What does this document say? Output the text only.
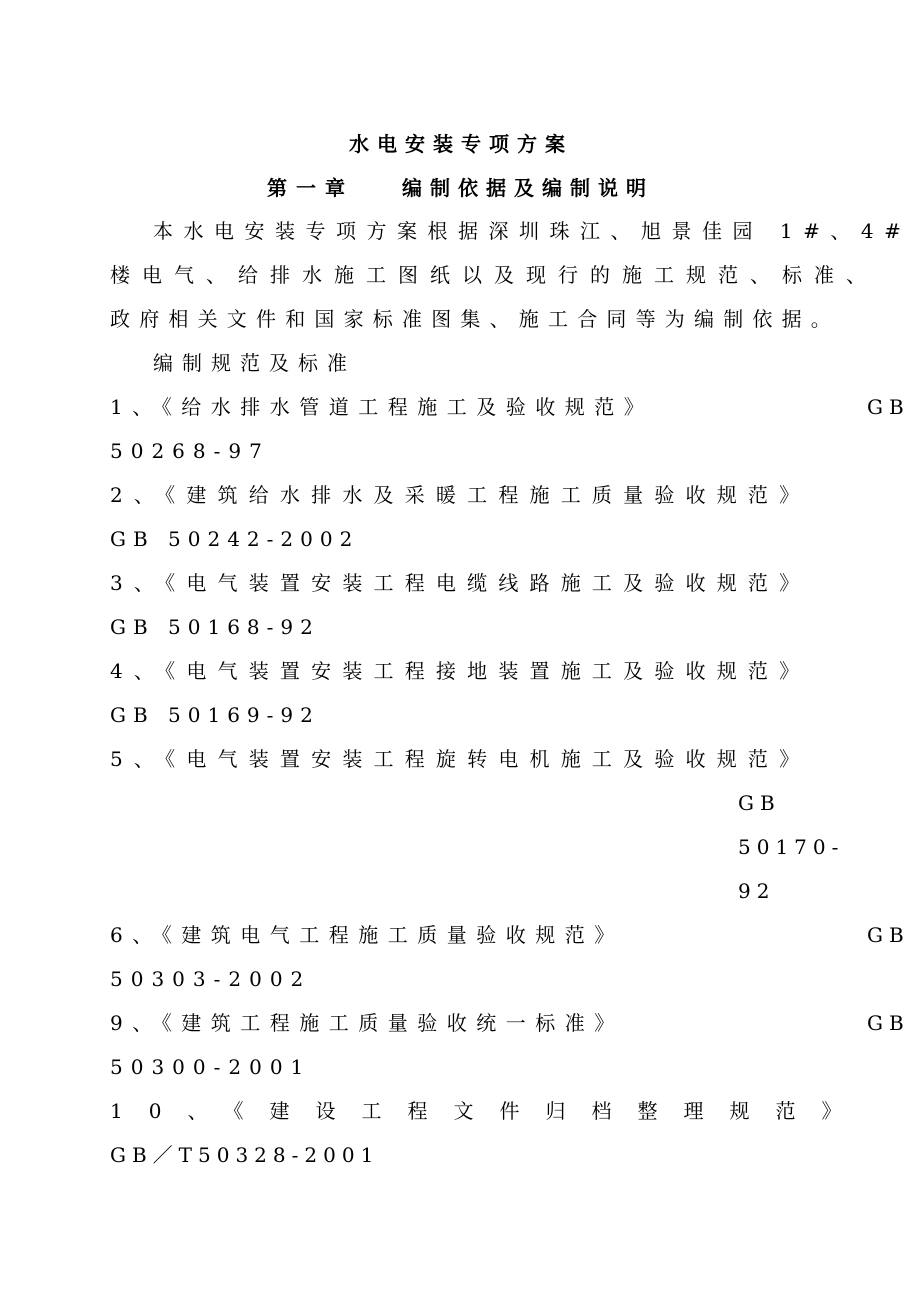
水电安装专项方案
第一章 编制依据及编制说明
本水电安装专项方案根据深圳珠江、旭景佳园 1#、4#
楼电气、给排水施工图纸以及现行的施工规范、标准、
政府相关文件和国家标准图集、施工合同等为编制依据。
编制规范及标准
1、《给水排水管道工程施工及验收规范》	GB
50268-97
2、《建筑给水排水及采暖工程施工质量验收规范》
GB 50242-2002
3、《电气装置安装工程电缆线路施工及验收规范》
GB 50168-92
4、《电气装置安装工程接地装置施工及验收规范》
GB 50169-92
5、《电气装置安装工程旋转电机施工及验收规范》
GB
50170-
92
6、《建筑电气工程施工质量验收规范》	GB
50303-2002
9、《建筑工程施工质量验收统一标准》	GB
50300-2001
10、《建设工程文件归档整理规范》
GB／T50328-2001
